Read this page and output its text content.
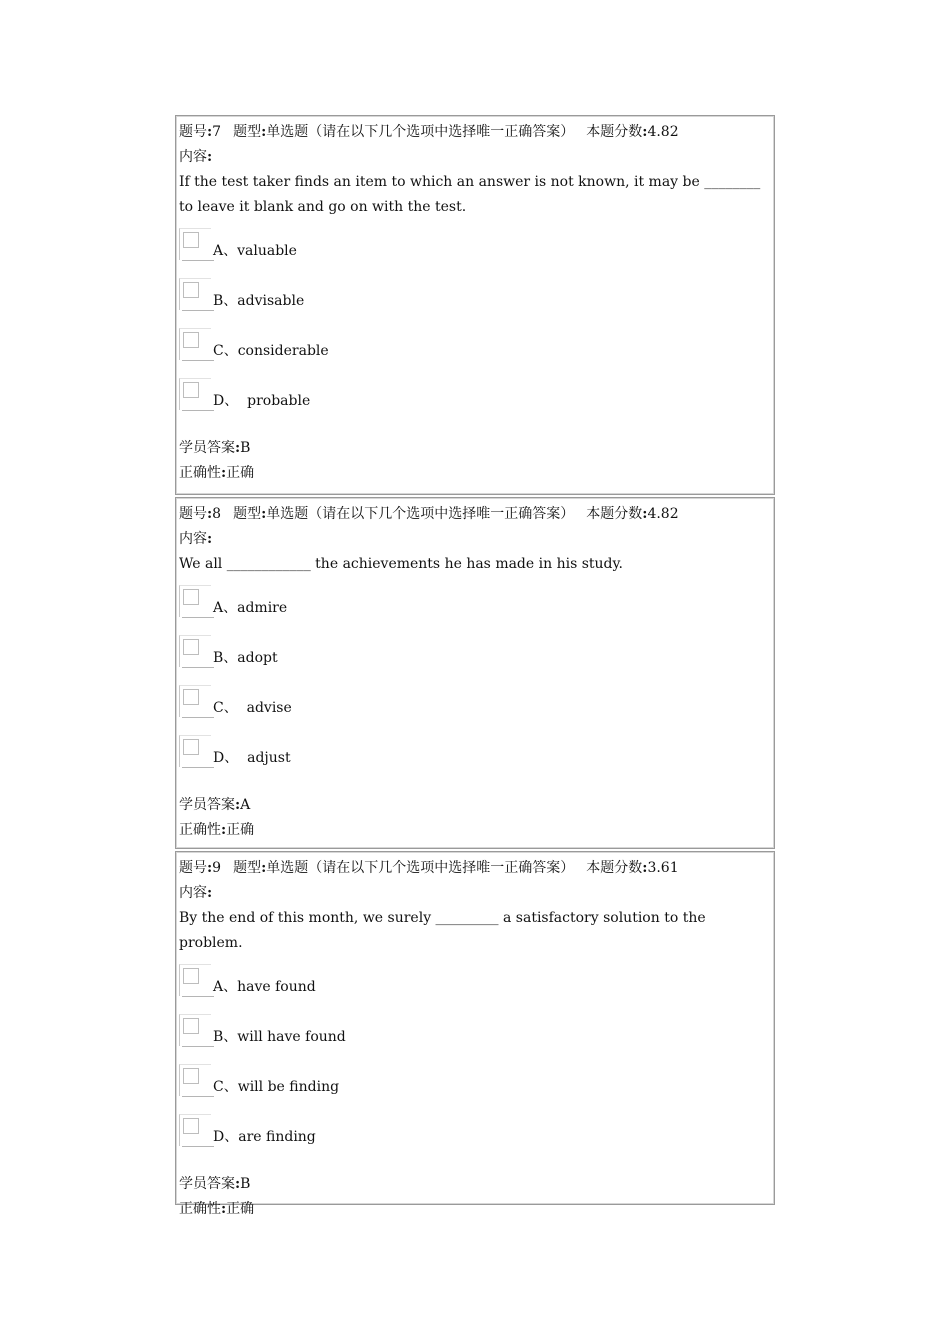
题号:7 题型:单选题（请在以下几个选项中选择唯一正确答案） 本题分数:4.82
内容:
If the test taker finds an item to which an answer is not known, it may be ________ to leave it blank and go on with the test.
A、valuable
B、advisable
C、considerable
D、  probable
学员答案:B
正确性:正确
题号:8 题型:单选题（请在以下几个选项中选择唯一正确答案） 本题分数:4.82
内容:
We all ____________ the achievements he has made in his study.
A、admire
B、adopt
C、  advise
D、  adjust
学员答案:A
正确性:正确
题号:9 题型:单选题（请在以下几个选项中选择唯一正确答案） 本题分数:3.61
内容:
By the end of this month, we surely _________ a satisfactory solution to the problem.
A、have found
B、will have found
C、will be finding
D、are finding
学员答案:B
正确性:正确
